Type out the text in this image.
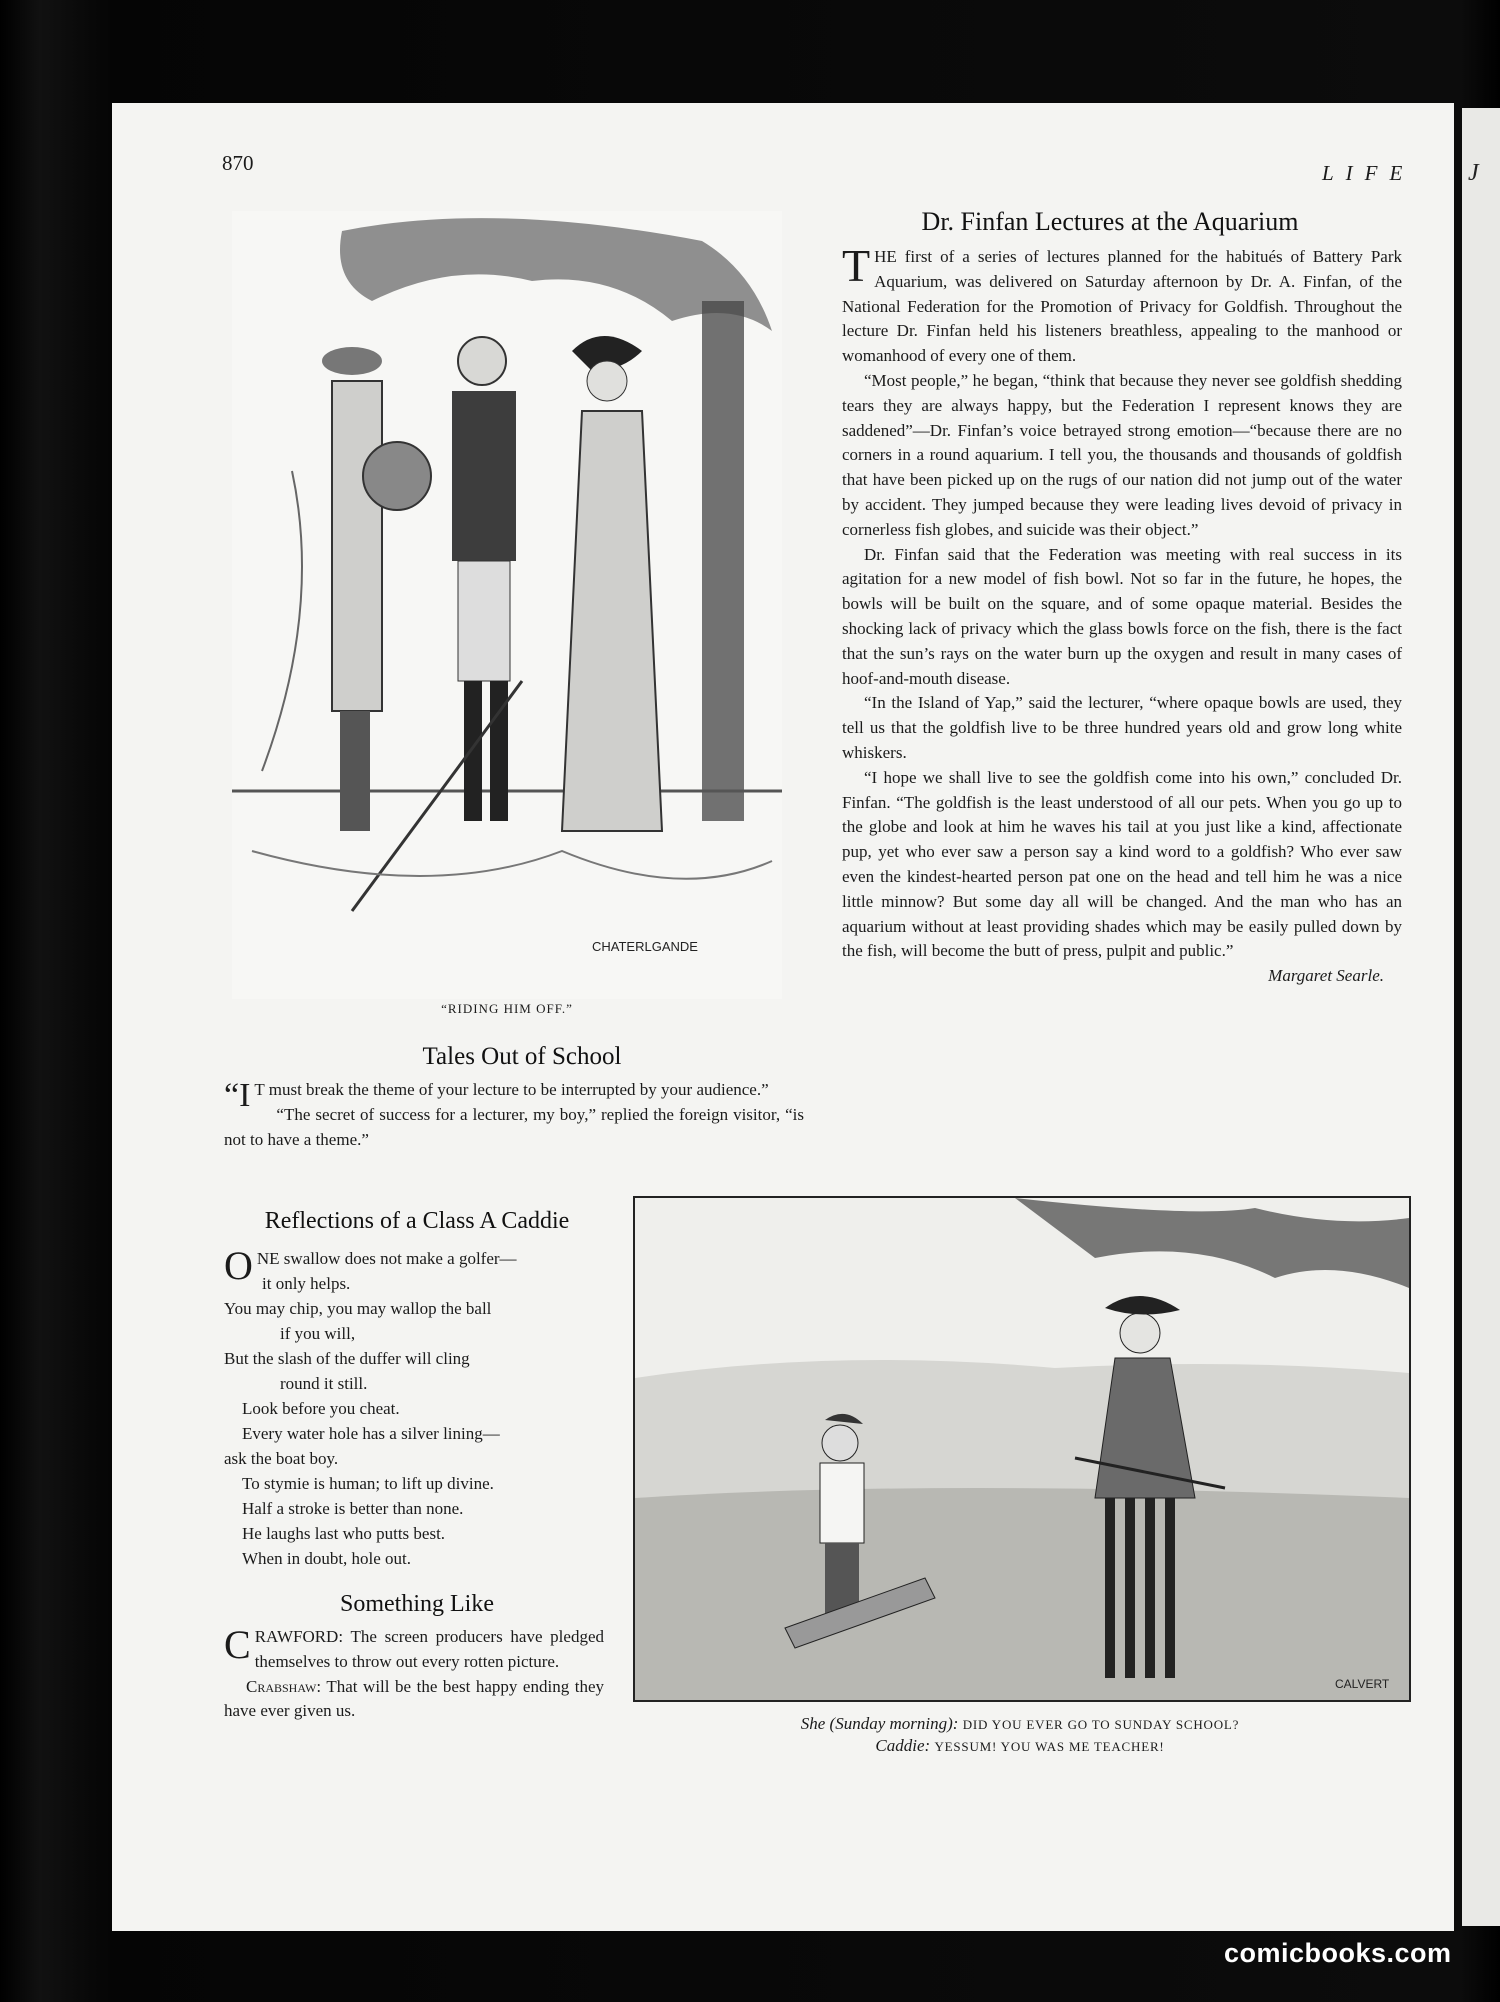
J
870	LIFE
CHATERLGANDE
“RIDING HIM OFF.”
Dr. Finfan Lectures at the Aquarium

THE first of a series of lectures planned for the habitués of Battery Park Aquarium, was delivered on Saturday afternoon by Dr. A. Finfan, of the National Federation for the Promotion of Privacy for Goldfish. Throughout the lecture Dr. Finfan held his listeners breathless, appealing to the manhood or womanhood of every one of them.

“Most people,” he began, “think that because they never see goldfish shedding tears they are always happy, but the Federation I represent knows they are saddened”—Dr. Finfan’s voice betrayed strong emotion—“because there are no corners in a round aquarium. I tell you, the thousands and thousands of goldfish that have been picked up on the rugs of our nation did not jump out of the water by accident. They jumped because they were leading lives devoid of privacy in cornerless fish globes, and suicide was their object.”

Dr. Finfan said that the Federation was meeting with real success in its agitation for a new model of fish bowl. Not so far in the future, he hopes, the bowls will be built on the square, and of some opaque material. Besides the shocking lack of privacy which the glass bowls force on the fish, there is the fact that the sun’s rays on the water burn up the oxygen and result in many cases of hoof-and-mouth disease.

“In the Island of Yap,” said the lecturer, “where opaque bowls are used, they tell us that the goldfish live to be three hundred years old and grow long white whiskers.

“I hope we shall live to see the goldfish come into his own,” concluded Dr. Finfan. “The goldfish is the least understood of all our pets. When you go up to the globe and look at him he waves his tail at you just like a kind, affectionate pup, yet who ever saw a person say a kind word to a goldfish? Who ever saw even the kindest-hearted person pat one on the head and tell him he was a nice little minnow? But some day all will be changed. And the man who has an aquarium without at least providing shades which may be easily pulled down by the fish, will become the butt of press, pulpit and public.”

Margaret Searle.
Tales Out of School

“I T must break the theme of your lecture to be interrupted by your audience.”

“The secret of success for a lecturer, my boy,” replied the foreign visitor, “is not to have a theme.”

Reflections of a Class A Caddie
ONE swallow does not make a golfer—
it only helps.
You may chip, you may wallop the ball
if you will,
But the slash of the duffer will cling
round it still.
Look before you cheat.
Every water hole has a silver lining—
ask the boat boy.
To stymie is human; to lift up divine.
Half a stroke is better than none.
He laughs last who putts best.
When in doubt, hole out.
Something Like

CRAWFORD: The screen producers have pledged themselves to throw out every rotten picture.

Crabshaw: That will be the best happy ending they have ever given us.

CALVERT
She (Sunday morning): DID YOU EVER GO TO SUNDAY SCHOOL?
Caddie: YESSUM! YOU WAS ME TEACHER!
comicbooks.com
